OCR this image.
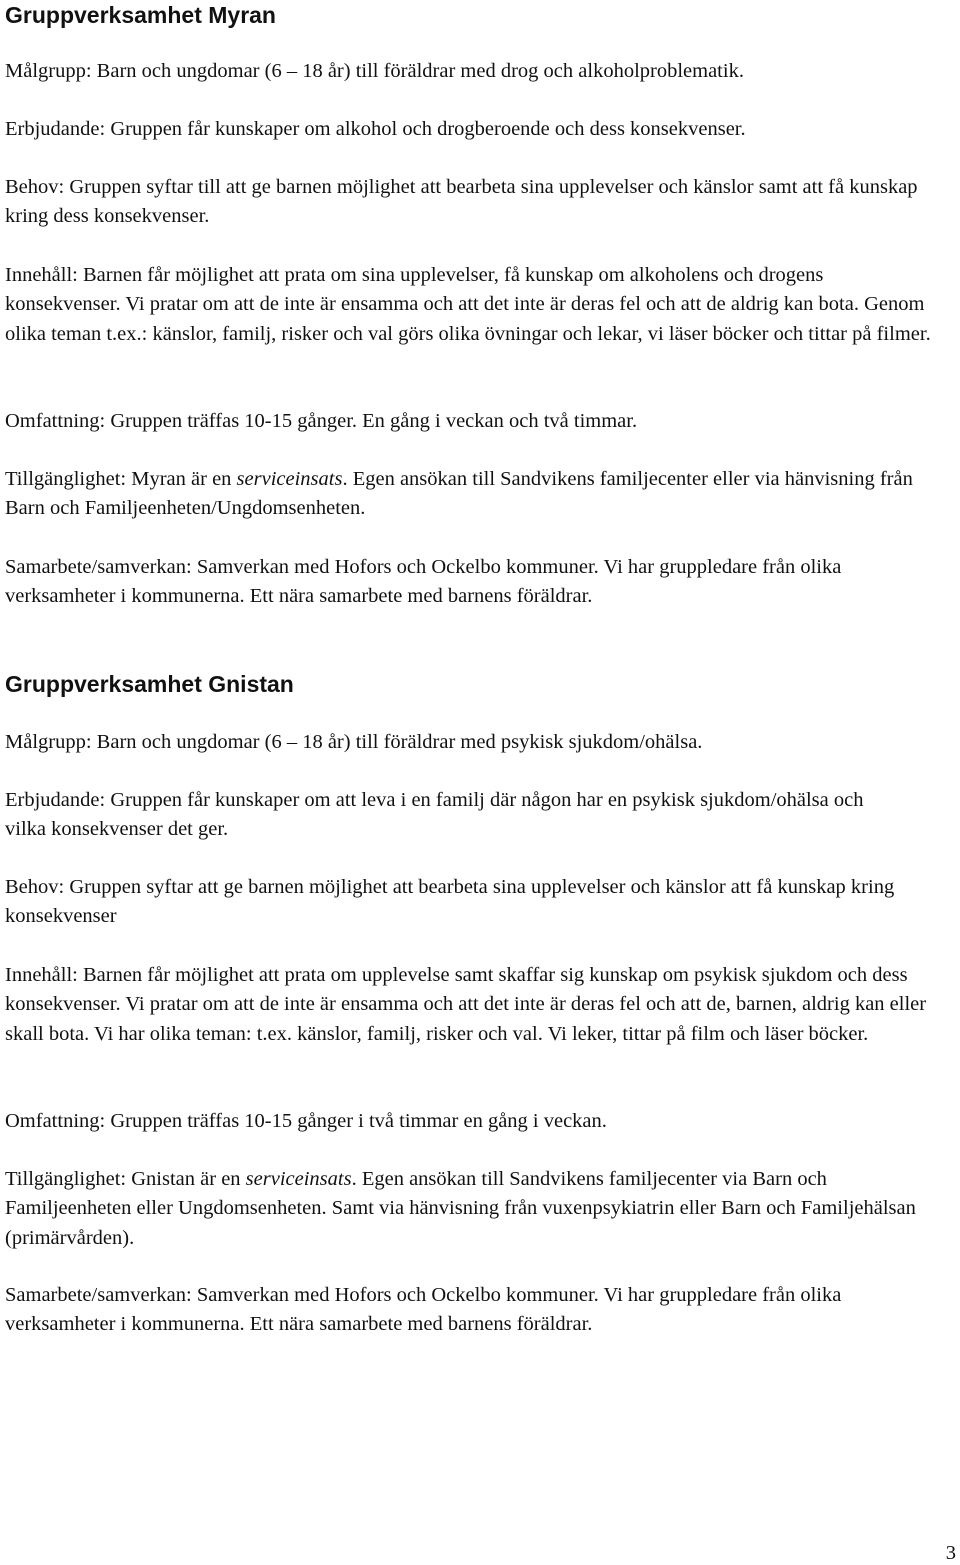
Gruppverksamhet Myran

Målgrupp: Barn och ungdomar (6 – 18 år) till föräldrar med drog och alkoholproblematik.

Erbjudande: Gruppen får kunskaper om alkohol och drogberoende och dess konsekvenser.

Behov: Gruppen syftar till att ge barnen möjlighet att bearbeta sina upplevelser och känslor samt att få kunskap kring dess konsekvenser.

Innehåll: Barnen får möjlighet att prata om sina upplevelser, få kunskap om alkoholens och drogens konsekvenser. Vi pratar om att de inte är ensamma och att det inte är deras fel och att de aldrig kan bota. Genom olika teman t.ex.: känslor, familj, risker och val görs olika övningar och lekar, vi läser böcker och tittar på filmer.

Omfattning: Gruppen träffas 10-15 gånger. En gång i veckan och två timmar.

Tillgänglighet: Myran är en serviceinsats. Egen ansökan till Sandvikens familjecenter eller via hänvisning från Barn och Familjeenheten/Ungdomsenheten.

Samarbete/samverkan: Samverkan med Hofors och Ockelbo kommuner. Vi har gruppledare från olika verksamheter i kommunerna. Ett nära samarbete med barnens föräldrar.

Gruppverksamhet Gnistan

Målgrupp: Barn och ungdomar (6 – 18 år) till föräldrar med psykisk sjukdom/ohälsa.

Erbjudande: Gruppen får kunskaper om att leva i en familj där någon har en psykisk sjukdom/ohälsa och vilka konsekvenser det ger.

Behov: Gruppen syftar att ge barnen möjlighet att bearbeta sina upplevelser och känslor att få kunskap kring konsekvenser

Innehåll: Barnen får möjlighet att prata om upplevelse samt skaffar sig kunskap om psykisk sjukdom och dess konsekvenser. Vi pratar om att de inte är ensamma och att det inte är deras fel och att de, barnen, aldrig kan eller skall bota. Vi har olika teman: t.ex. känslor, familj, risker och val. Vi leker, tittar på film och läser böcker.

Omfattning: Gruppen träffas 10-15 gånger i två timmar en gång i veckan.

Tillgänglighet: Gnistan är en serviceinsats. Egen ansökan till Sandvikens familjecenter via Barn och Familjeenheten eller Ungdomsenheten. Samt via hänvisning från vuxenpsykiatrin eller Barn och Familjehälsan (primärvården).

Samarbete/samverkan: Samverkan med Hofors och Ockelbo kommuner. Vi har gruppledare från olika verksamheter i kommunerna. Ett nära samarbete med barnens föräldrar.

3
